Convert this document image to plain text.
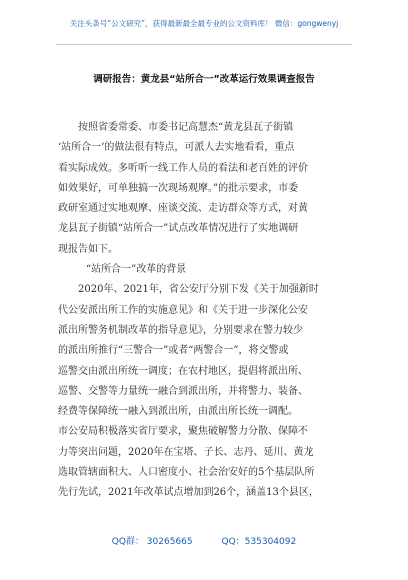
关注头条号“公文研究”，获得最新最全最专业的公文资料库！ 微信：gongwenyj
调研报告：黄龙县“站所合一”改革运行效果调查报告
按照省委常委、市委书记高慧杰“黄龙县瓦子街镇
‘站所合一’的做法很有特点，可派人去实地看看，重点
看实际成效。多听听一线工作人员的看法和老百姓的评价
如效果好，可单独搞一次现场观摩。”的批示要求，市委
政研室通过实地观摩、座谈交流、走访群众等方式，对黄
龙县瓦子街镇“站所合一”试点改革情况进行了实地调研
现报告如下。
“站所合一”改革的背景
2020年、2021年，省公安厅分别下发《关于加强新时
代公安派出所工作的实施意见》和《关于进一步深化公安
派出所警务机制改革的指导意见》，分别要求在警力较少
的派出所推行“三警合一”或者“两警合一”，将交警或
巡警交由派出所统一调度；在农村地区，提倡将派出所、
巡警、交警等力量统一融合到派出所，并将警力、装备、
经费等保障统一融入到派出所，由派出所长统一调配。
市公安局积极落实省厅要求，聚焦破解警力分散、保障不
力等突出问题，2020年在宝塔、子长、志丹、延川、黄龙
选取管辖面积大、人口密度小、社会治安好的5个基层队所
先行先试，2021年改革试点增加到26个，涵盖13个县区，
QQ群： 30265665	QQ：535304092
